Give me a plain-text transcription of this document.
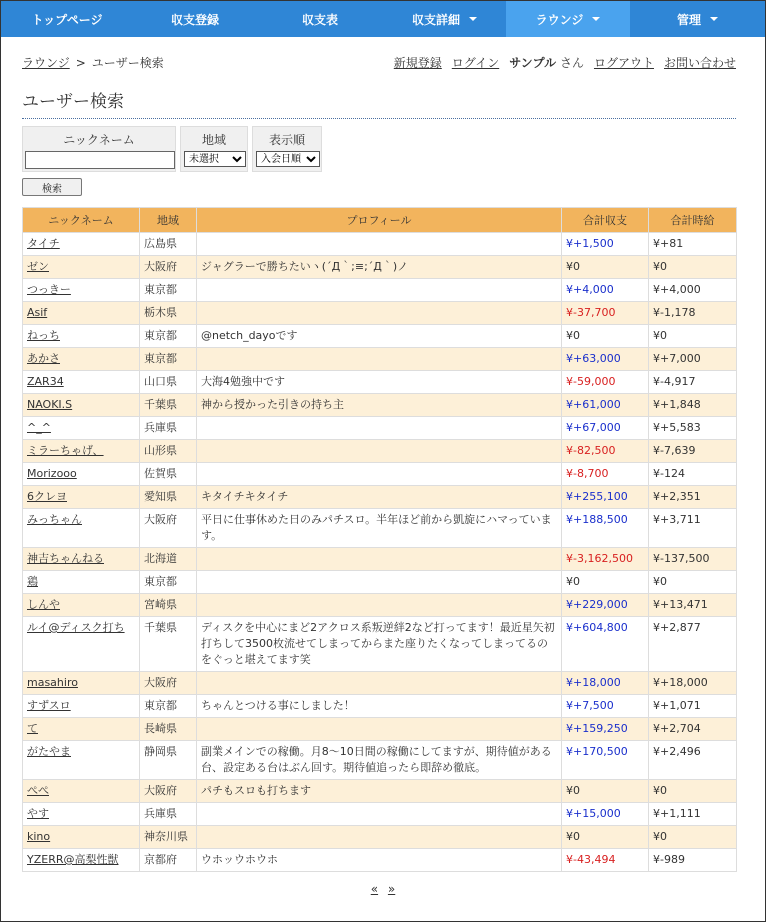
トップページ	収支登録	収支表	収支詳細	ラウンジ	管理
ラウンジ > ユーザー検索	新規登録 ログイン サンプル さん ログアウト お問い合わせ
ユーザー検索
ニックネーム	地域
未選択	表示順
入会日順
検索
ニックネーム	地域	プロフィール	合計収支	合計時給
タイチ	広島県		¥+1,500	¥+81
ゼン	大阪府	ジャグラーで勝ちたいヽ(´Д｀;≡;´Д｀)ノ	¥0	¥0
つっきー	東京都		¥+4,000	¥+4,000
Asif	栃木県		¥-37,700	¥-1,178
ねっち	東京都	@netch_dayoです	¥0	¥0
あかさ	東京都		¥+63,000	¥+7,000
ZAR34	山口県	大海4勉強中です	¥-59,000	¥-4,917
NAOKI.S	千葉県	神から授かった引きの持ち主	¥+61,000	¥+1,848
^_^	兵庫県		¥+67,000	¥+5,583
ミラーちゃげ、	山形県		¥-82,500	¥-7,639
Morizooo	佐賀県		¥-8,700	¥-124
6クレヨ	愛知県	キタイチキタイチ	¥+255,100	¥+2,351
みっちゃん	大阪府	平日に仕事休めた日のみパチスロ。半年ほど前から凱旋にハマっています。	¥+188,500	¥+3,711
神吉ちゃんねる	北海道		¥-3,162,500	¥-137,500
鶏	東京都		¥0	¥0
しんや	宮崎県		¥+229,000	¥+13,471
ルイ@ディスク打ち	千葉県	ディスクを中心にまど2アクロス系叛逆絆2など打ってます！最近星矢初打ちして3500枚流せてしまってからまた座りたくなってしまってるのをぐっと堪えてます笑	¥+604,800	¥+2,877
masahiro	大阪府		¥+18,000	¥+18,000
すずスロ	東京都	ちゃんとつける事にしました！	¥+7,500	¥+1,071
て	長崎県		¥+159,250	¥+2,704
がたやま	静岡県	副業メインでの稼働。月8〜10日間の稼働にしてますが、期待値がある台、設定ある台はぶん回す。期待値追ったら即辞め徹底。	¥+170,500	¥+2,496
ぺぺ	大阪府	パチもスロも打ちます	¥0	¥0
やす	兵庫県		¥+15,000	¥+1,111
kino	神奈川県		¥0	¥0
YZERR@高梨性獣	京都府	ウホッウホウホ	¥-43,494	¥-989
« »
